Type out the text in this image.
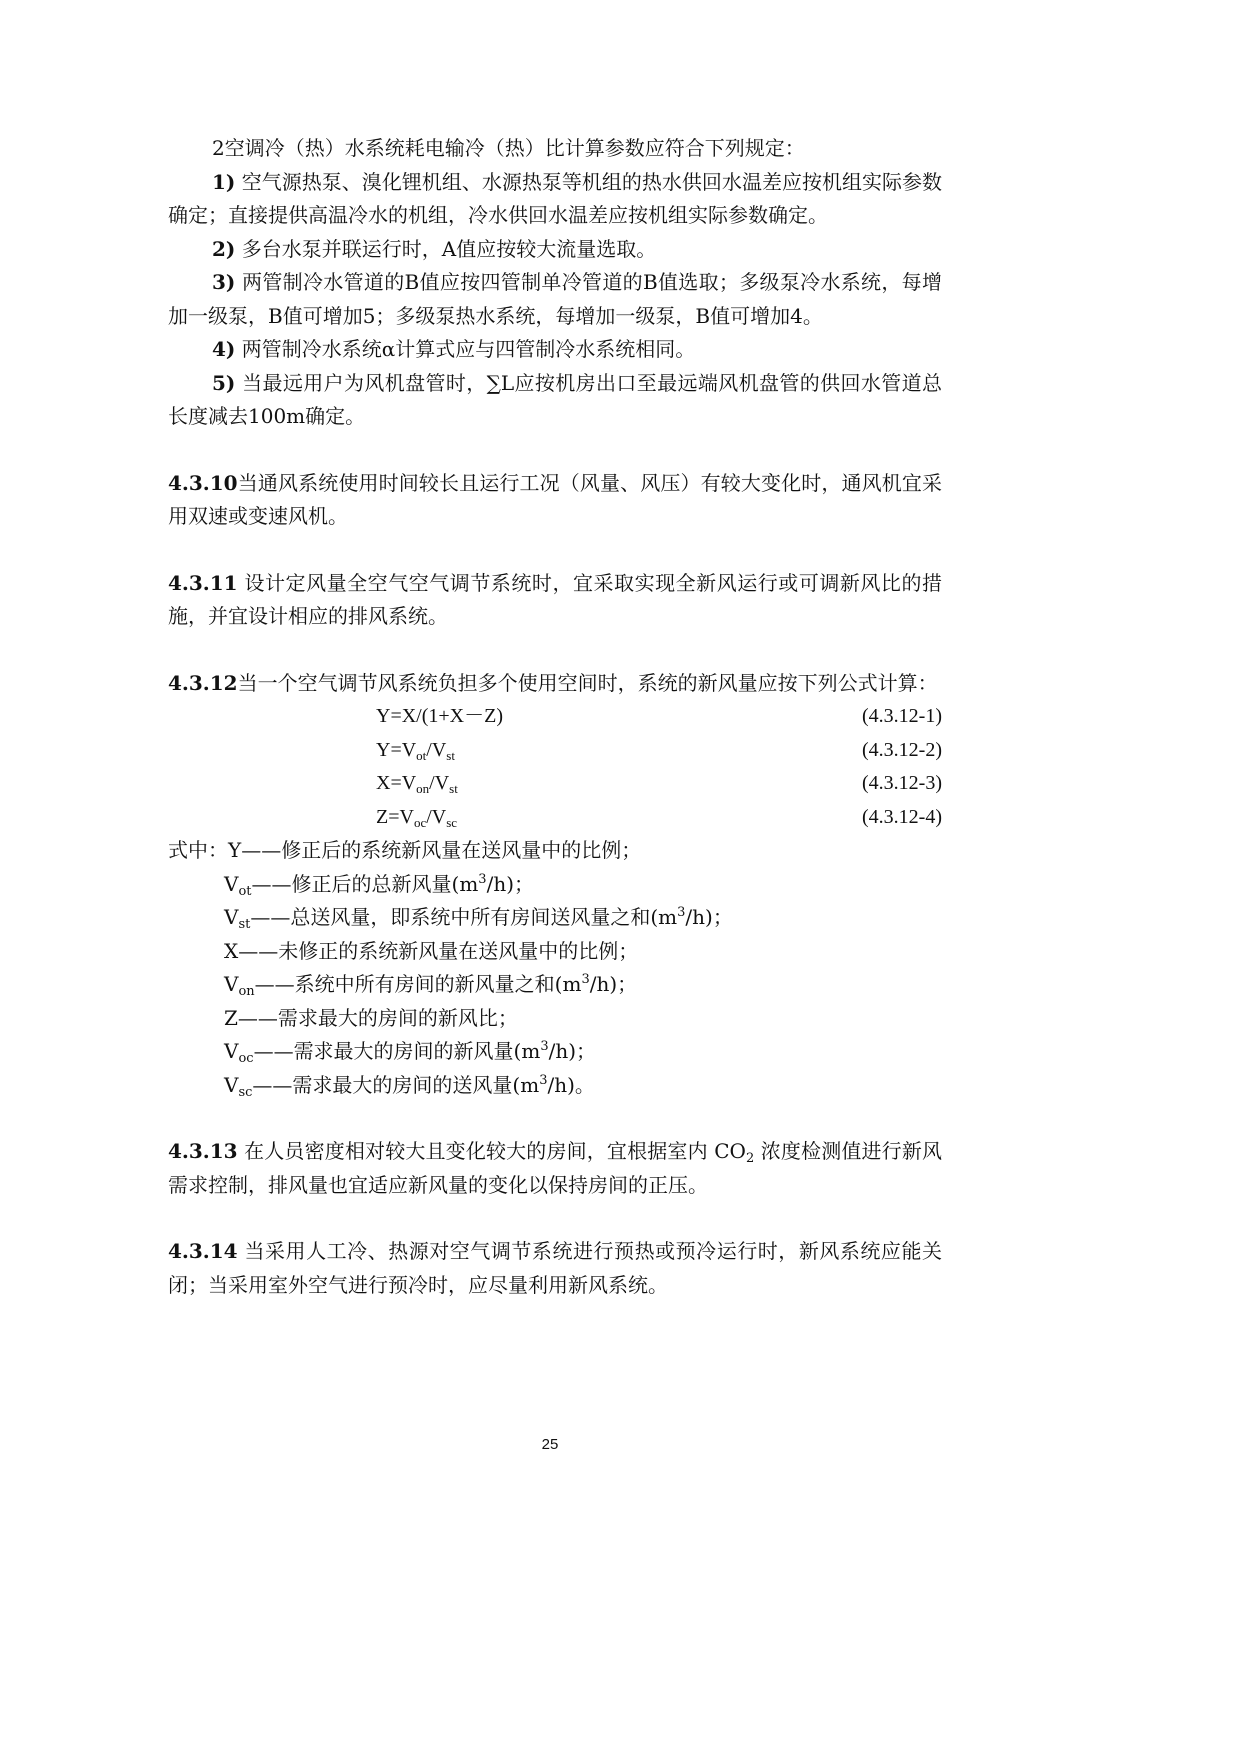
2空调冷（热）水系统耗电输冷（热）比计算参数应符合下列规定：

1) 空气源热泵、溴化锂机组、水源热泵等机组的热水供回水温差应按机组实际参数确定；直接提供高温冷水的机组，冷水供回水温差应按机组实际参数确定。

2) 多台水泵并联运行时，A值应按较大流量选取。

3) 两管制冷水管道的B值应按四管制单冷管道的B值选取；多级泵冷水系统，每增加一级泵，B值可增加5；多级泵热水系统，每增加一级泵，B值可增加4。

4) 两管制冷水系统α计算式应与四管制冷水系统相同。

5) 当最远用户为风机盘管时，∑L应按机房出口至最远端风机盘管的供回水管道总长度减去100m确定。

4.3.10当通风系统使用时间较长且运行工况（风量、风压）有较大变化时，通风机宜采用双速或变速风机。

4.3.11 设计定风量全空气空气调节系统时，宜采取实现全新风运行或可调新风比的措施，并宜设计相应的排风系统。

4.3.12当一个空气调节风系统负担多个使用空间时，系统的新风量应按下列公式计算：

Y=X/(1+X－Z)	(4.3.12-1)
$Y=V_{ot}/V_{st}$	(4.3.12-2)
$X=V_{on}/V_{st}$	(4.3.12-3)
$Z=V_{oc}/V_{sc}$	(4.3.12-4)
式中：Y——修正后的系统新风量在送风量中的比例；
$V_{ot}——$修正后的总新风量$(m^3/h)$；
$V_{st}——$总送风量，即系统中所有房间送风量之和$(m^3/h)$；
X——未修正的系统新风量在送风量中的比例；
$V_{on}——$系统中所有房间的新风量之和$(m^3/h)$；
Z——需求最大的房间的新风比；
$V_{oc}——$需求最大的房间的新风量$(m^3/h)$；
$V_{sc}——$需求最大的房间的送风量$(m^3/h)$。

4.3.13 在人员密度相对较大且变化较大的房间，宜根据室内 $CO_2$ 浓度检测值进行新风需求控制，排风量也宜适应新风量的变化以保持房间的正压。

4.3.14 当采用人工冷、热源对空气调节系统进行预热或预冷运行时，新风系统应能关闭；当采用室外空气进行预冷时，应尽量利用新风系统。

25
